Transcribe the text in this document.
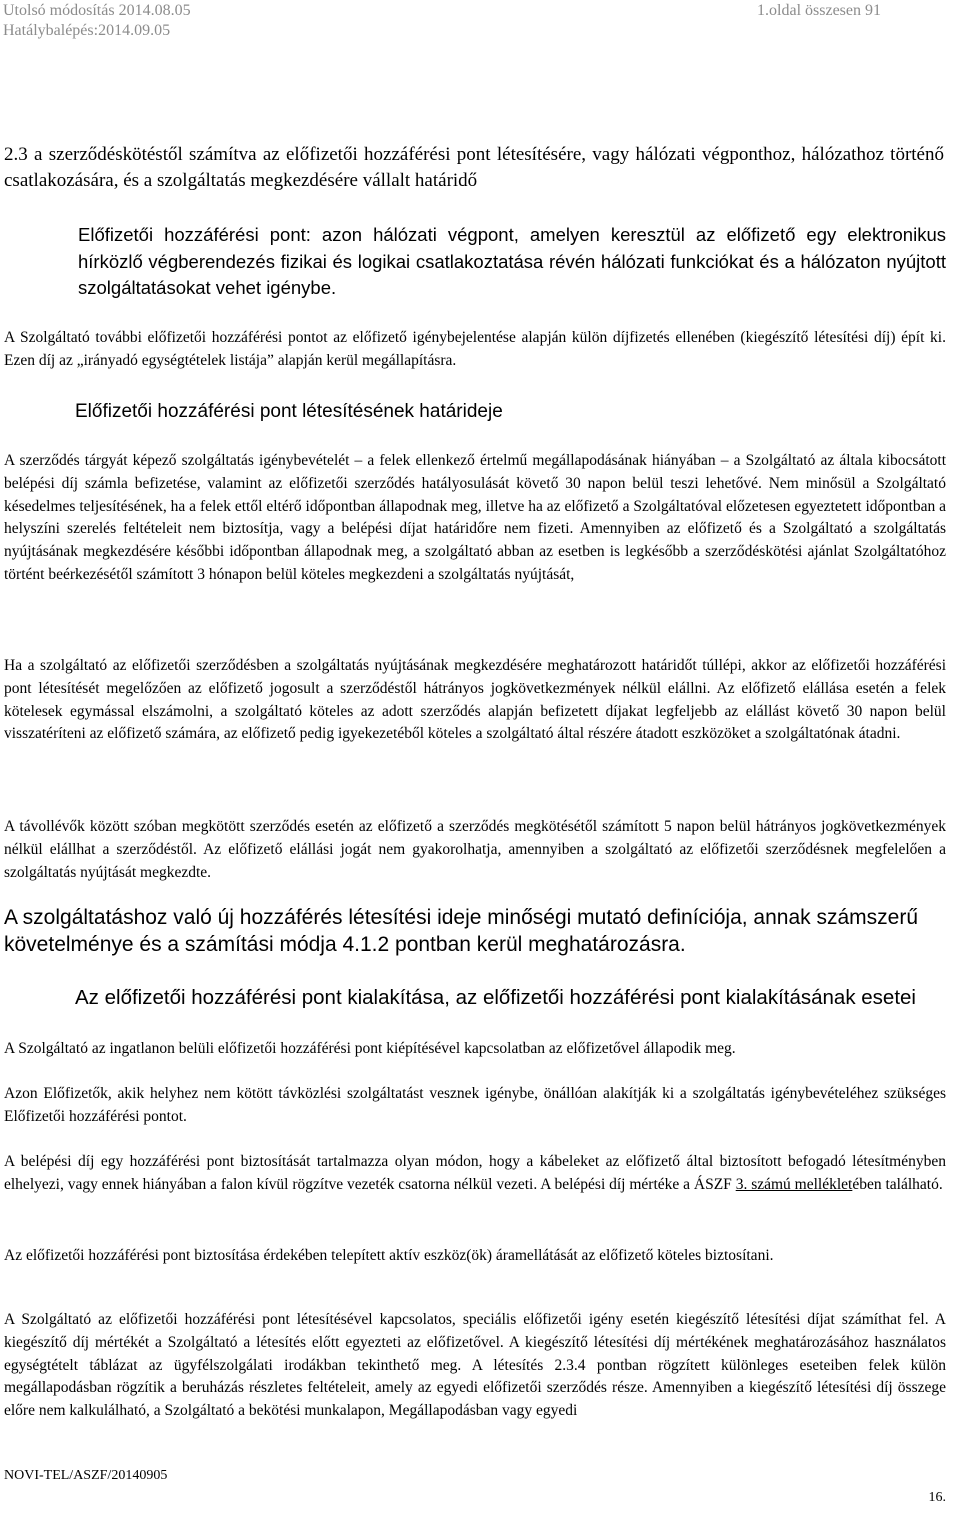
Utolsó módosítás 2014.08.05
Hatálybalépés:2014.09.05
1.oldal összesen 91
2.3 a szerződéskötéstől számítva az előfizetői hozzáférési pont létesítésére, vagy hálózati végponthoz, hálózathoz történő csatlakozására, és a szolgáltatás megkezdésére vállalt határidő
Előfizetői hozzáférési pont: azon hálózati végpont, amelyen keresztül az előfizető egy elektronikus hírközlő végberendezés fizikai és logikai csatlakoztatása révén hálózati funkciókat és a hálózaton nyújtott szolgáltatásokat vehet igénybe.
A Szolgáltató további előfizetői hozzáférési pontot az előfizető igénybejelentése alapján külön díjfizetés ellenében (kiegészítő létesítési díj) épít ki. Ezen díj az „irányadó egységtételek listája” alapján kerül megállapításra.
Előfizetői hozzáférési pont létesítésének határideje
A szerződés tárgyát képező szolgáltatás igénybevételét – a felek ellenkező értelmű megállapodásának hiányában – a Szolgáltató az általa kibocsátott belépési díj számla befizetése, valamint az előfizetői szerződés hatályosulását követő 30 napon belül teszi lehetővé. Nem minősül a Szolgáltató késedelmes teljesítésének, ha a felek ettől eltérő időpontban állapodnak meg, illetve ha az előfizető a Szolgáltatóval előzetesen egyeztetett időpontban a helyszíni szerelés feltételeit nem biztosítja, vagy a belépési díjat határidőre nem fizeti. Amennyiben az előfizető és a Szolgáltató a szolgáltatás nyújtásának megkezdésére későbbi időpontban állapodnak meg, a szolgáltató abban az esetben is legkésőbb a szerződéskötési ajánlat Szolgáltatóhoz történt beérkezésétől számított 3 hónapon belül köteles megkezdeni a szolgáltatás nyújtását,
Ha a szolgáltató az előfizetői szerződésben a szolgáltatás nyújtásának megkezdésére meghatározott határidőt túllépi, akkor az előfizetői hozzáférési pont létesítését megelőzően az előfizető jogosult a szerződéstől hátrányos jogkövetkezmények nélkül elállni. Az előfizető elállása esetén a felek kötelesek egymással elszámolni, a szolgáltató köteles az adott szerződés alapján befizetett díjakat legfeljebb az elállást követő 30 napon belül visszatéríteni az előfizető számára, az előfizető pedig igyekezetéből köteles a szolgáltató által részére átadott eszközöket a szolgáltatónak átadni.
A távollévők között szóban megkötött szerződés esetén az előfizető a szerződés megkötésétől számított 5 napon belül hátrányos jogkövetkezmények nélkül elállhat a szerződéstől. Az előfizető elállási jogát nem gyakorolhatja, amennyiben a szolgáltató az előfizetői szerződésnek megfelelően a szolgáltatás nyújtását megkezdte.
A szolgáltatáshoz való új hozzáférés létesítési ideje minőségi mutató definíciója, annak számszerű követelménye és a számítási módja 4.1.2 pontban kerül meghatározásra.
Az előfizetői hozzáférési pont kialakítása, az előfizetői hozzáférési pont kialakításának esetei
A Szolgáltató az ingatlanon belüli előfizetői hozzáférési pont kiépítésével kapcsolatban az előfizetővel állapodik meg.
Azon Előfizetők, akik helyhez nem kötött távközlési szolgáltatást vesznek igénybe, önállóan alakítják ki a szolgáltatás igénybevételéhez szükséges Előfizetői hozzáférési pontot.
A belépési díj egy hozzáférési pont biztosítását tartalmazza olyan módon, hogy a kábeleket az előfizető által biztosított befogadó létesítményben elhelyezi, vagy ennek hiányában a falon kívül rögzítve vezeték csatorna nélkül vezeti. A belépési díj mértéke a ÁSZF 3. számú mellékletében található.
Az előfizetői hozzáférési pont biztosítása érdekében telepített aktív eszköz(ök) áramellátását az előfizető köteles biztosítani.
A Szolgáltató az előfizetői hozzáférési pont létesítésével kapcsolatos, speciális előfizetői igény esetén kiegészítő létesítési díjat számíthat fel. A kiegészítő díj mértékét a Szolgáltató a létesítés előtt egyezteti az előfizetővel. A kiegészítő létesítési díj mértékének meghatározásához használatos egységtételt táblázat az ügyfélszolgálati irodákban tekinthető meg. A létesítés 2.3.4 pontban rögzített különleges eseteiben felek külön megállapodásban rögzítik a beruházás részletes feltételeit, amely az egyedi előfizetői szerződés része. Amennyiben a kiegészítő létesítési díj összege előre nem kalkulálható, a Szolgáltató a bekötési munkalapon, Megállapodásban vagy egyedi
NOVI-TEL/ASZF/20140905
16.
